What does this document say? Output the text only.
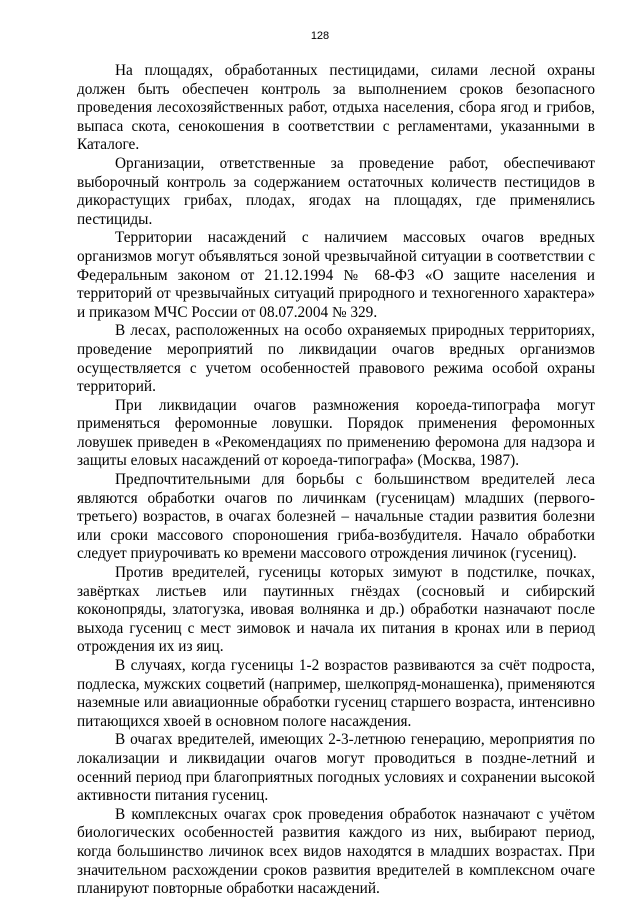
128

На площадях, обработанных пестицидами, силами лесной охраны должен быть обеспечен контроль за выполнением сроков безопасного проведения лесохозяйственных работ, отдыха населения, сбора ягод и грибов, выпаса скота, сенокошения в соответствии с регламентами, указанными в Каталоге.

Организации, ответственные за проведение работ, обеспечивают выборочный контроль за содержанием остаточных количеств пестицидов в дикорастущих грибах, плодах, ягодах на площадях, где применялись пестициды.

Территории насаждений с наличием массовых очагов вредных организмов могут объявляться зоной чрезвычайной ситуации в соответствии с Федеральным законом от 21.12.1994 № 68-ФЗ «О защите населения и территорий от чрезвычайных ситуаций природного и техногенного характера» и приказом МЧС России от 08.07.2004 № 329.

В лесах, расположенных на особо охраняемых природных территориях, проведение мероприятий по ликвидации очагов вредных организмов осуществляется с учетом особенностей правового режима особой охраны территорий.

При ликвидации очагов размножения короеда-типографа могут применяться феромонные ловушки. Порядок применения феромонных ловушек приведен в «Рекомендациях по применению феромона для надзора и защиты еловых насаждений от короеда-типографа» (Москва, 1987).

Предпочтительными для борьбы с большинством вредителей леса являются обработки очагов по личинкам (гусеницам) младших (первого-третьего) возрастов, в очагах болезней – начальные стадии развития болезни или сроки массового спороношения гриба-возбудителя. Начало обработки следует приурочивать ко времени массового отрождения личинок (гусениц).

Против вредителей, гусеницы которых зимуют в подстилке, почках, завёртках листьев или паутинных гнёздах (сосновый и сибирский коконопряды, златогузка, ивовая волнянка и др.) обработки назначают после выхода гусениц с мест зимовок и начала их питания в кронах или в период отрождения их из яиц.

В случаях, когда гусеницы 1-2 возрастов развиваются за счёт подроста, подлеска, мужских соцветий (например, шелкопряд-монашенка), применяются наземные или авиационные обработки гусениц старшего возраста, интенсивно питающихся хвоей в основном пологе насаждения.

В очагах вредителей, имеющих 2-3-летнюю генерацию, мероприятия по локализации и ликвидации очагов могут проводиться в поздне-летний и осенний период при благоприятных погодных условиях и сохранении высокой активности питания гусениц.

В комплексных очагах срок проведения обработок назначают с учётом биологических особенностей развития каждого из них, выбирают период, когда большинство личинок всех видов находятся в младших возрастах. При значительном расхождении сроков развития вредителей в комплексном очаге планируют повторные обработки насаждений.
